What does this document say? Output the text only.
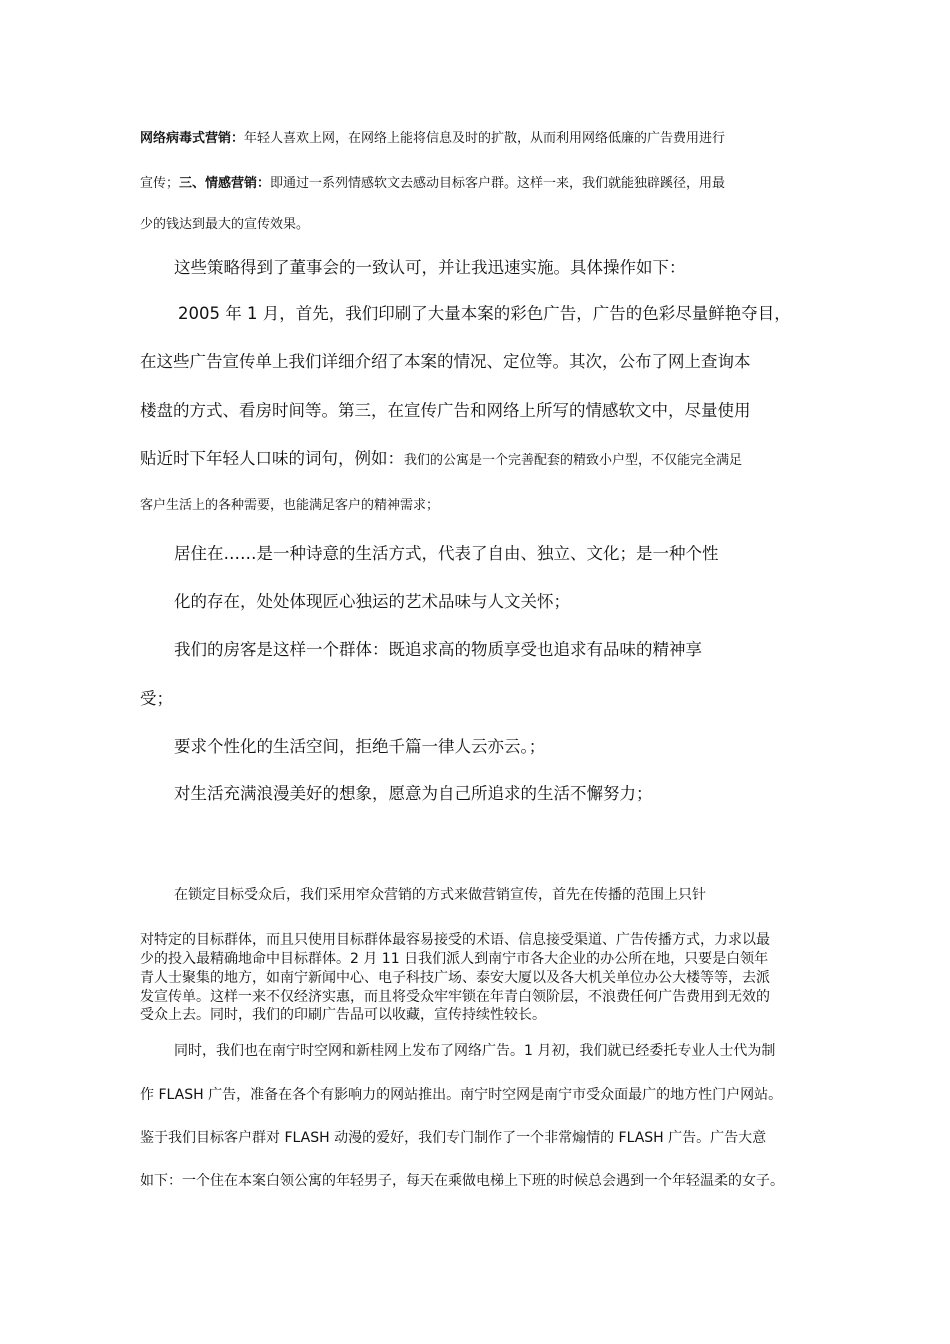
网络病毒式营销：年轻人喜欢上网，在网络上能将信息及时的扩散，从而利用网络低廉的广告费用进行
宣传；三、情感营销：即通过一系列情感软文去感动目标客户群。这样一来，我们就能独辟蹊径，用最
少的钱达到最大的宣传效果。
这些策略得到了董事会的一致认可，并让我迅速实施。具体操作如下：
2005 年 1 月，首先，我们印刷了大量本案的彩色广告，广告的色彩尽量鲜艳夺目，
在这些广告宣传单上我们详细介绍了本案的情况、定位等。其次，公布了网上查询本
楼盘的方式、看房时间等。第三，在宣传广告和网络上所写的情感软文中，尽量使用
贴近时下年轻人口味的词句，例如：我们的公寓是一个完善配套的精致小户型，不仅能完全满足
客户生活上的各种需要，也能满足客户的精神需求；
居住在……是一种诗意的生活方式，代表了自由、独立、文化；是一种个性
化的存在，处处体现匠心独运的艺术品味与人文关怀；
我们的房客是这样一个群体：既追求高的物质享受也追求有品味的精神享
受；
要求个性化的生活空间，拒绝千篇一律人云亦云。；
对生活充满浪漫美好的想象，愿意为自己所追求的生活不懈努力；
在锁定目标受众后，我们采用窄众营销的方式来做营销宣传，首先在传播的范围上只针
对特定的目标群体，而且只使用目标群体最容易接受的术语、信息接受渠道、广告传播方式，力求以最
少的投入最精确地命中目标群体。2 月 11 日我们派人到南宁市各大企业的办公所在地，只要是白领年
青人士聚集的地方，如南宁新闻中心、电子科技广场、泰安大厦以及各大机关单位办公大楼等等，去派
发宣传单。这样一来不仅经济实惠，而且将受众牢牢锁在年青白领阶层，不浪费任何广告费用到无效的
受众上去。同时，我们的印刷广告品可以收藏，宣传持续性较长。
同时，我们也在南宁时空网和新桂网上发布了网络广告。1 月初，我们就已经委托专业人士代为制
作 FLASH 广告，准备在各个有影响力的网站推出。南宁时空网是南宁市受众面最广的地方性门户网站。
鉴于我们目标客户群对 FLASH 动漫的爱好，我们专门制作了一个非常煽情的 FLASH 广告。广告大意
如下：一个住在本案白领公寓的年轻男子，每天在乘做电梯上下班的时候总会遇到一个年轻温柔的女子。
